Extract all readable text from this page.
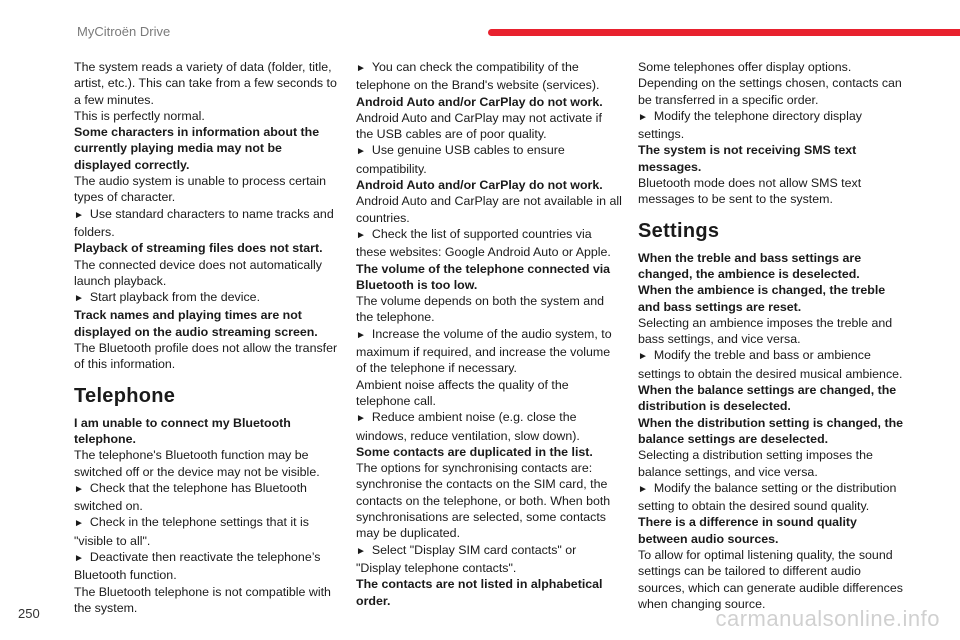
MyCitroën Drive

The system reads a variety of data (folder, title, artist, etc.). This can take from a few seconds to a few minutes.

This is perfectly normal.

Some characters in information about the currently playing media may not be displayed correctly.

The audio system is unable to process certain types of character.

► Use standard characters to name tracks and folders.

Playback of streaming files does not start.

The connected device does not automatically launch playback.

► Start playback from the device.

Track names and playing times are not displayed on the audio streaming screen.

The Bluetooth profile does not allow the transfer of this information.

Telephone

I am unable to connect my Bluetooth telephone.

The telephone's Bluetooth function may be switched off or the device may not be visible.

► Check that the telephone has Bluetooth switched on.

► Check in the telephone settings that it is "visible to all".

► Deactivate then reactivate the telephone’s Bluetooth function.

The Bluetooth telephone is not compatible with the system.

► You can check the compatibility of the telephone on the Brand's website (services).

Android Auto and/or CarPlay do not work.

Android Auto and CarPlay may not activate if the USB cables are of poor quality.

► Use genuine USB cables to ensure compatibility.

Android Auto and/or CarPlay do not work.

Android Auto and CarPlay are not available in all countries.

► Check the list of supported countries via these websites: Google Android Auto or Apple.

The volume of the telephone connected via Bluetooth is too low.

The volume depends on both the system and the telephone.

► Increase the volume of the audio system, to maximum if required, and increase the volume of the telephone if necessary.

Ambient noise affects the quality of the telephone call.

► Reduce ambient noise (e.g. close the windows, reduce ventilation, slow down).

Some contacts are duplicated in the list.

The options for synchronising contacts are: synchronise the contacts on the SIM card, the contacts on the telephone, or both. When both synchronisations are selected, some contacts may be duplicated.

► Select "Display SIM card contacts" or "Display telephone contacts".

The contacts are not listed in alphabetical order.

Some telephones offer display options. Depending on the settings chosen, contacts can be transferred in a specific order.

► Modify the telephone directory display settings.

The system is not receiving SMS text messages.

Bluetooth mode does not allow SMS text messages to be sent to the system.

Settings

When the treble and bass settings are changed, the ambience is deselected.

When the ambience is changed, the treble and bass settings are reset.

Selecting an ambience imposes the treble and bass settings, and vice versa.

► Modify the treble and bass or ambience settings to obtain the desired musical ambience.

When the balance settings are changed, the distribution is deselected.

When the distribution setting is changed, the balance settings are deselected.

Selecting a distribution setting imposes the balance settings, and vice versa.

► Modify the balance setting or the distribution setting to obtain the desired sound quality.

There is a difference in sound quality between audio sources.

To allow for optimal listening quality, the sound settings can be tailored to different audio sources, which can generate audible differences when changing source.

250	carmanualsonline.info
